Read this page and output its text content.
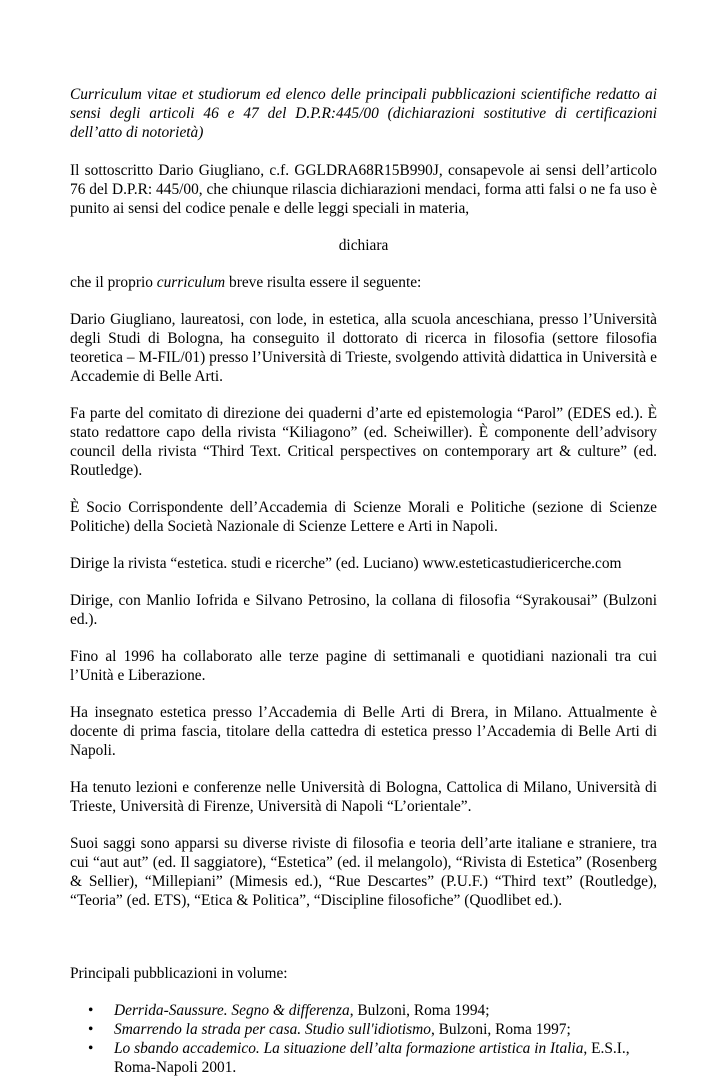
Curriculum vitae et studiorum ed elenco delle principali pubblicazioni scientifiche redatto ai sensi degli articoli 46 e 47 del D.P.R:445/00 (dichiarazioni sostitutive di certificazioni dell’atto di notorietà)

Il sottoscritto Dario Giugliano, c.f. GGLDRA68R15B990J, consapevole ai sensi dell’articolo 76 del D.P.R: 445/00, che chiunque rilascia dichiarazioni mendaci, forma atti falsi o ne fa uso è punito ai sensi del codice penale e delle leggi speciali in materia,

dichiara

che il proprio curriculum breve risulta essere il seguente:

Dario Giugliano, laureatosi, con lode, in estetica, alla scuola anceschiana, presso l’Università degli Studi di Bologna, ha conseguito il dottorato di ricerca in filosofia (settore filosofia teoretica – M-FIL/01) presso l’Università di Trieste, svolgendo attività didattica in Università e Accademie di Belle Arti.

Fa parte del comitato di direzione dei quaderni d’arte ed epistemologia “Parol” (EDES ed.). È stato redattore capo della rivista “Kiliagono” (ed. Scheiwiller). È componente dell’advisory council della rivista “Third Text. Critical perspectives on contemporary art & culture” (ed. Routledge).

È Socio Corrispondente dell’Accademia di Scienze Morali e Politiche (sezione di Scienze Politiche) della Società Nazionale di Scienze Lettere e Arti in Napoli.

Dirige la rivista “estetica. studi e ricerche” (ed. Luciano) www.esteticastudiericerche.com

Dirige, con Manlio Iofrida e Silvano Petrosino, la collana di filosofia “Syrakousai” (Bulzoni ed.).

Fino al 1996 ha collaborato alle terze pagine di settimanali e quotidiani nazionali tra cui l’Unità e Liberazione.

Ha insegnato estetica presso l’Accademia di Belle Arti di Brera, in Milano. Attualmente è docente di prima fascia, titolare della cattedra di estetica presso l’Accademia di Belle Arti di Napoli.

Ha tenuto lezioni e conferenze nelle Università di Bologna, Cattolica di Milano, Università di Trieste, Università di Firenze, Università di Napoli “L’orientale”.

Suoi saggi sono apparsi su diverse riviste di filosofia e teoria dell’arte italiane e straniere, tra cui “aut aut” (ed. Il saggiatore), “Estetica” (ed. il melangolo), “Rivista di Estetica” (Rosenberg & Sellier), “Millepiani” (Mimesis ed.), “Rue Descartes” (P.U.F.) “Third text” (Routledge), “Teoria” (ed. ETS), “Etica & Politica”, “Discipline filosofiche” (Quodlibet ed.).

Principali pubblicazioni in volume:

• Derrida-Saussure. Segno & differenza, Bulzoni, Roma 1994;
• Smarrendo la strada per casa. Studio sull'idiotismo, Bulzoni, Roma 1997;
• Lo sbando accademico. La situazione dell’alta formazione artistica in Italia, E.S.I., Roma-Napoli 2001.
